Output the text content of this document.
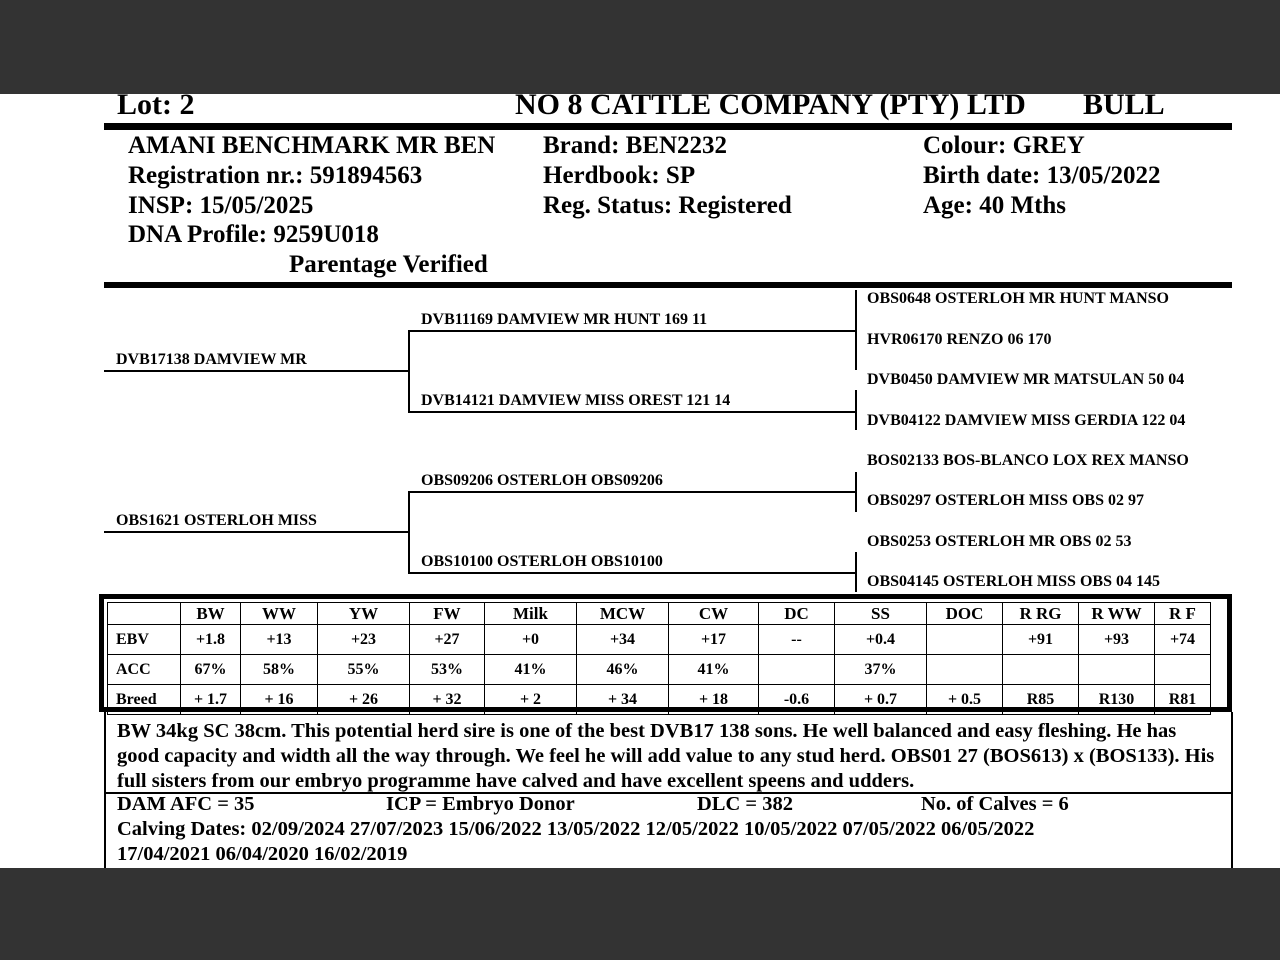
Lot: 2	NO 8 CATTLE COMPANY (PTY) LTD BULL
AMANI BENCHMARK MR BEN
Registration nr.: 591894563
INSP: 15/05/2025
DNA Profile: 9259U018
Parentage Verified
Brand: BEN2232
Herdbook: SP
Reg. Status: Registered
Colour: GREY
Birth date: 13/05/2022
Age: 40 Mths
DVB17138 DAMVIEW MR
OBS1621 OSTERLOH MISS
DVB11169 DAMVIEW MR HUNT 169 11
DVB14121 DAMVIEW MISS OREST 121 14
OBS09206 OSTERLOH OBS09206
OBS10100 OSTERLOH OBS10100
OBS0648 OSTERLOH MR HUNT MANSO
HVR06170 RENZO 06 170
DVB0450 DAMVIEW MR MATSULAN 50 04
DVB04122 DAMVIEW MISS GERDIA 122 04
BOS02133 BOS-BLANCO LOX REX MANSO
OBS0297 OSTERLOH MISS OBS 02 97
OBS0253 OSTERLOH MR OBS 02 53
OBS04145 OSTERLOH MISS OBS 04 145
	BW	WW	YW	FW	Milk	MCW	CW	DC	SS	DOC	R RG	R WW	R F
EBV	+1.8	+13	+23	+27	+0	+34	+17	--	+0.4		+91	+93	+74
ACC	67%	58%	55%	53%	41%	46%	41%		37%				
Breed	+ 1.7	+ 16	+ 26	+ 32	+ 2	+ 34	+ 18	-0.6	+ 0.7	+ 0.5	R85	R130	R81
BW 34kg SC 38cm. This potential herd sire is one of the best DVB17 138 sons. He well balanced and easy fleshing. He has good capacity and width all the way through. We feel he will add value to any stud herd. OBS01 27 (BOS613) x (BOS133). His full sisters from our embryo programme have calved and have excellent speens and udders.
DAM AFC = 35	ICP = Embryo Donor	DLC = 382	No. of Calves = 6
Calving Dates: 02/09/2024 27/07/2023 15/06/2022 13/05/2022 12/05/2022 10/05/2022 07/05/2022 06/05/2022
17/04/2021 06/04/2020 16/02/2019
